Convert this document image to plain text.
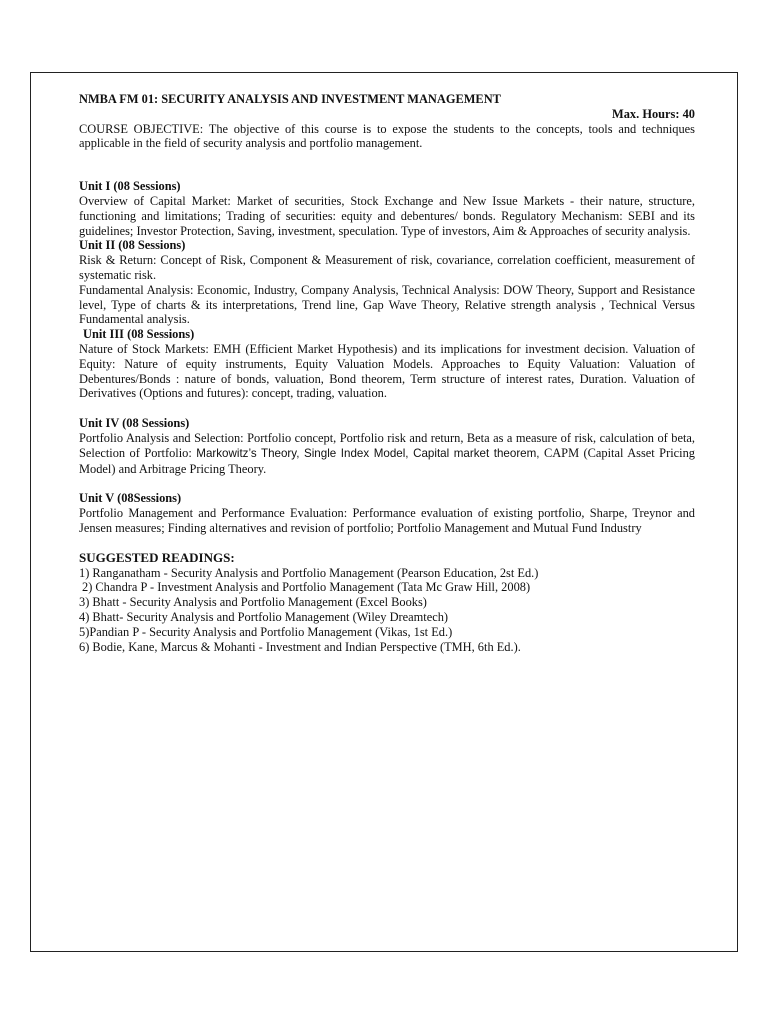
NMBA FM 01: SECURITY ANALYSIS AND INVESTMENT MANAGEMENT

Max. Hours: 40

COURSE OBJECTIVE: The objective of this course is to expose the students to the concepts, tools and techniques applicable in the field of security analysis and portfolio management.

Unit I (08 Sessions)

Overview of Capital Market: Market of securities, Stock Exchange and New Issue Markets - their nature, structure, functioning and limitations; Trading of securities: equity and debentures/ bonds. Regulatory Mechanism: SEBI and its guidelines; Investor Protection, Saving, investment, speculation. Type of investors, Aim & Approaches of security analysis.

Unit II (08 Sessions)

Risk & Return: Concept of Risk, Component & Measurement of risk, covariance, correlation coefficient, measurement of systematic risk.

Fundamental Analysis: Economic, Industry, Company Analysis, Technical Analysis: DOW Theory, Support and Resistance level, Type of charts & its interpretations, Trend line, Gap Wave Theory, Relative strength analysis , Technical Versus Fundamental analysis.

Unit III (08 Sessions)

Nature of Stock Markets: EMH (Efficient Market Hypothesis) and its implications for investment decision. Valuation of Equity: Nature of equity instruments, Equity Valuation Models. Approaches to Equity Valuation: Valuation of Debentures/Bonds : nature of bonds, valuation, Bond theorem, Term structure of interest rates, Duration. Valuation of Derivatives (Options and futures): concept, trading, valuation.

Unit IV (08 Sessions)

Portfolio Analysis and Selection: Portfolio concept, Portfolio risk and return, Beta as a measure of risk, calculation of beta, Selection of Portfolio: Markowitz’s Theory, Single Index Model, Capital market theorem, CAPM (Capital Asset Pricing Model) and Arbitrage Pricing Theory.

Unit V (08Sessions)

Portfolio Management and Performance Evaluation: Performance evaluation of existing portfolio, Sharpe, Treynor and Jensen measures; Finding alternatives and revision of portfolio; Portfolio Management and Mutual Fund Industry

SUGGESTED READINGS:

1) Ranganatham - Security Analysis and Portfolio Management (Pearson Education, 2st Ed.)
2) Chandra P - Investment Analysis and Portfolio Management (Tata Mc Graw Hill, 2008)
3) Bhatt - Security Analysis and Portfolio Management (Excel Books)
4) Bhatt- Security Analysis and Portfolio Management (Wiley Dreamtech)
5)Pandian P - Security Analysis and Portfolio Management (Vikas, 1st Ed.)
6) Bodie, Kane, Marcus & Mohanti - Investment and Indian Perspective (TMH, 6th Ed.).
